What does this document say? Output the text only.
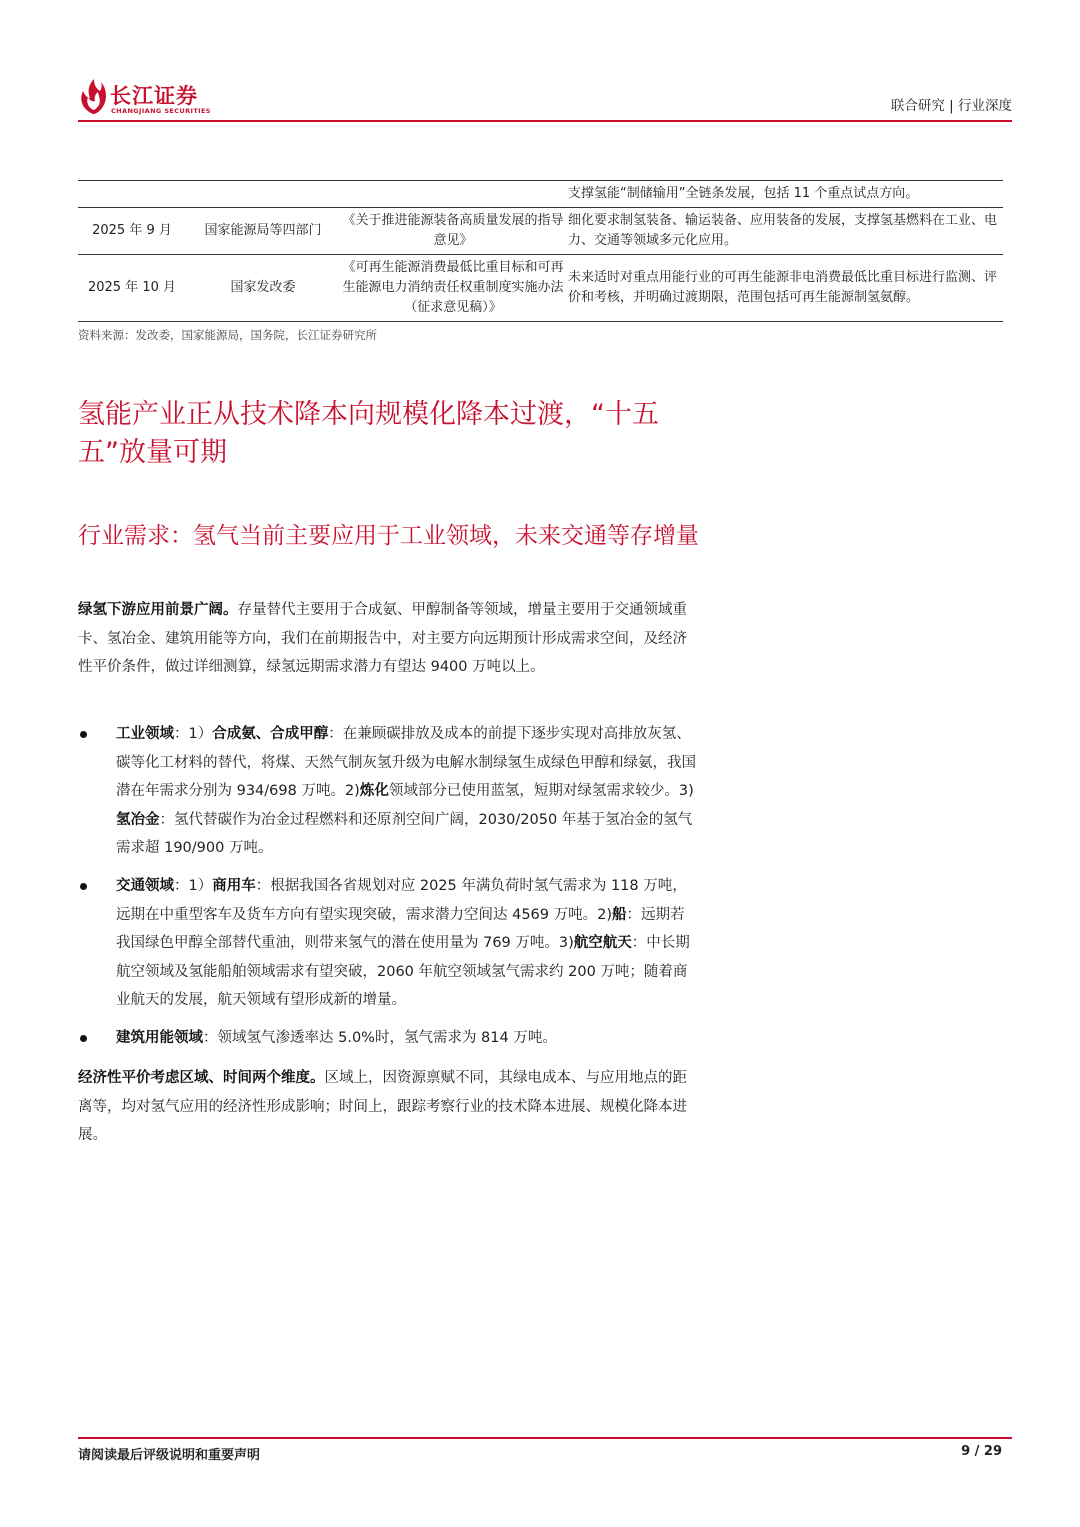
长江证券
CHANGJIANG SECURITIES	联合研究 | 行业深度
			支撑氢能“制储输用”全链条发展，包括 11 个重点试点方向。
2025 年 9 月	国家能源局等四部门	《关于推进能源装备高质量发展的指导意见》	细化要求制氢装备、输运装备、应用装备的发展，支撑氢基燃料在工业、电力、交通等领域多元化应用。
2025 年 10 月	国家发改委	《可再生能源消费最低比重目标和可再生能源电力消纳责任权重制度实施办法（征求意见稿）》	未来适时对重点用能行业的可再生能源非电消费最低比重目标进行监测、评价和考核，并明确过渡期限，范围包括可再生能源制氢氨醇。
资料来源：发改委，国家能源局，国务院，长江证券研究所
氢能产业正从技术降本向规模化降本过渡，“十五五”放量可期
行业需求：氢气当前主要应用于工业领域，未来交通等存增量

绿氢下游应用前景广阔。存量替代主要用于合成氨、甲醇制备等领域，增量主要用于交通领域重卡、氢冶金、建筑用能等方向，我们在前期报告中，对主要方向远期预计形成需求空间，及经济性平价条件，做过详细测算，绿氢远期需求潜力有望达 9400 万吨以上。

工业领域：1）合成氨、合成甲醇：在兼顾碳排放及成本的前提下逐步实现对高排放灰氢、碳等化工材料的替代，将煤、天然气制灰氢升级为电解水制绿氢生成绿色甲醇和绿氨，我国潜在年需求分别为 934/698 万吨。2)炼化领域部分已使用蓝氢，短期对绿氢需求较少。3)氢冶金：氢代替碳作为冶金过程燃料和还原剂空间广阔，2030/2050 年基于氢冶金的氢气需求超 190/900 万吨。

交通领域：1）商用车：根据我国各省规划对应 2025 年满负荷时氢气需求为 118 万吨，远期在中重型客车及货车方向有望实现突破，需求潜力空间达 4569 万吨。2)船：远期若我国绿色甲醇全部替代重油，则带来氢气的潜在使用量为 769 万吨。3)航空航天：中长期航空领域及氢能船舶领域需求有望突破，2060 年航空领域氢气需求约 200 万吨；随着商业航天的发展，航天领域有望形成新的增量。

建筑用能领域：领域氢气渗透率达 5.0%时，氢气需求为 814 万吨。

经济性平价考虑区域、时间两个维度。区域上，因资源禀赋不同，其绿电成本、与应用地点的距离等，均对氢气应用的经济性形成影响；时间上，跟踪考察行业的技术降本进展、规模化降本进展。

请阅读最后评级说明和重要声明	9 / 29
